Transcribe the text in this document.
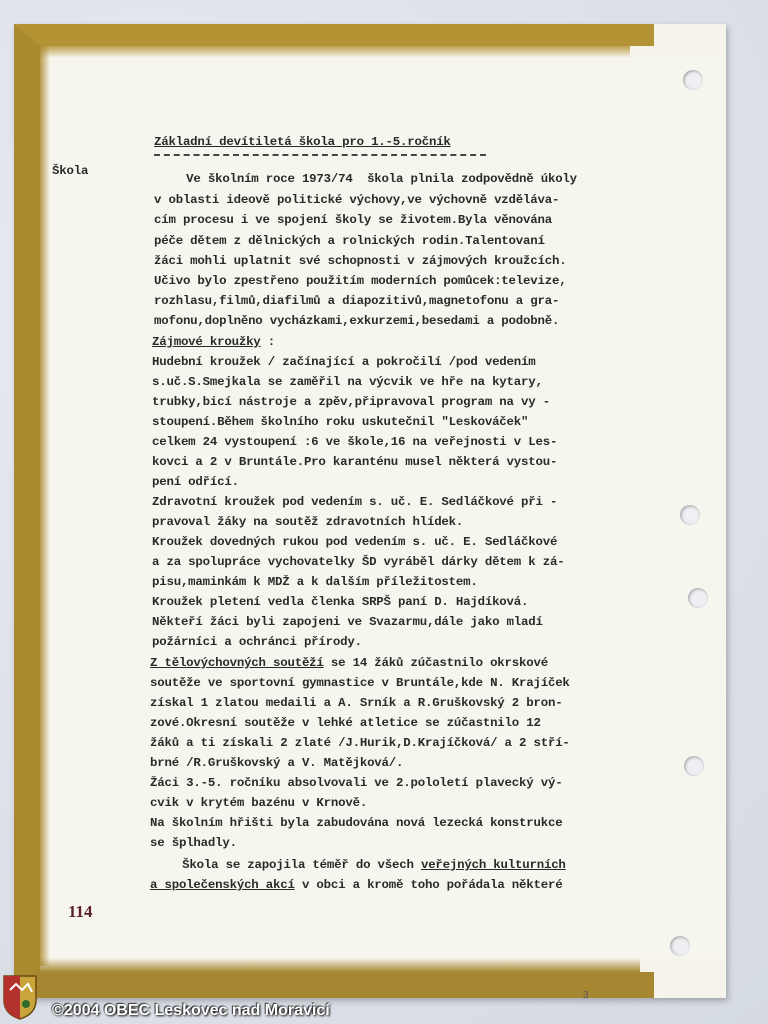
Základní devítiletá škola pro 1.-5.ročník
Škola
Ve školním roce 1973/74  škola plnila zodpovědně úkoly
v oblasti ideově politické výchovy,ve výchovně vzděláva-
cím procesu i ve spojení školy se životem.Byla věnována
péče dětem z dělnických a rolnických rodin.Talentovaní
žáci mohli uplatnit své schopnosti v zájmových kroužcích.
Učivo bylo zpestřeno použitím moderních pomůcek:televize,
rozhlasu,filmů,diafilmů a diapozitivů,magnetofonu a gra-
mofonu,doplněno vycházkami,exkurzemi,besedami a podobně.
Zájmové kroužky :
Hudební kroužek / začínající a pokročilí /pod vedením
s.uč.S.Smejkala se zaměřil na výcvik ve hře na kytary,
trubky,bicí nástroje a zpěv,připravoval program na vy -
stoupení.Během školního roku uskutečnil "Leskováček"
celkem 24 vystoupení :6 ve škole,16 na veřejnosti v Les-
kovci a 2 v Bruntále.Pro karanténu musel některá vystou-
pení odřící.
Zdravotní kroužek pod vedením s. uč. E. Sedláčkové při -
pravoval žáky na soutěž zdravotních hlídek.
Kroužek dovedných rukou pod vedením s. uč. E. Sedláčkové
a za spolupráce vychovatelky ŠD vyráběl dárky dětem k zá-
pisu,maminkám k MDŽ a k dalším příležitostem.
Kroužek pletení vedla členka SRPŠ paní D. Hajdíková.
Někteří žáci byli zapojeni ve Svazarmu,dále jako mladí
požárníci a ochránci přírody.
Z tělovýchovných soutěží se 14 žáků zúčastnilo okrskové
soutěže ve sportovní gymnastice v Bruntále,kde N. Krajíček
získal 1 zlatou medaili a A. Srník a R.Gruškovský 2 bron-
zové.Okresní soutěže v lehké atletice se zúčastnilo 12
žáků a ti získali 2 zlaté /J.Hurik,D.Krajíčková/ a 2 stří-
brné /R.Gruškovský a V. Matějková/.
Žáci 3.-5. ročníku absolvovali ve 2.pololetí plavecký vý-
cvik v krytém bazénu v Krnově.
Na školním hřišti byla zabudována nová lezecká konstrukce
se šplhadly.
Škola se zapojila téměř do všech veřejných kulturních
a společenských akcí v obci a kromě toho pořádala některé
114
3
©2004 OBEC Leskovec nad Moravicí
